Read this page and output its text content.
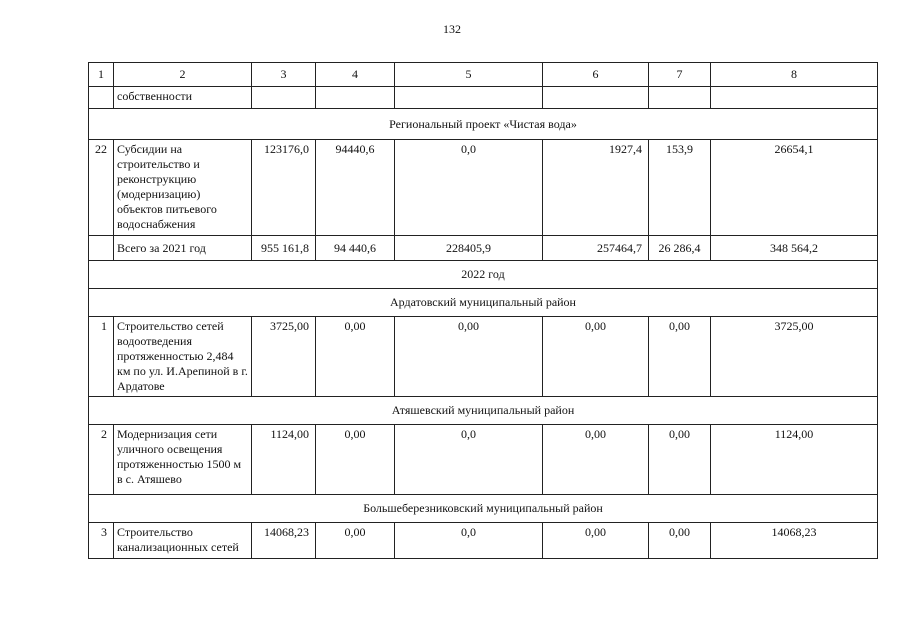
132
1	2	3	4	5	6	7	8
	собственности						
Региональный проект «Чистая вода»							
22	Субсидии на строительство и реконструкцию (модернизацию) объектов питьевого водоснабжения	123176,0	94440,6	0,0	1927,4	153,9	26654,1
	Всего за 2021 год	955 161,8	94 440,6	228405,9	257464,7	26 286,4	348 564,2
2022 год							
Ардатовский муниципальный район							
1	Строительство сетей водоотведения протяженностью 2,484 км по ул. И.Арепиной в г. Ардатове	3725,00	0,00	0,00	0,00	0,00	3725,00
Атяшевский муниципальный район							
2	Модернизация сети уличного освещения протяженностью 1500 м в с. Атяшево	1124,00	0,00	0,0	0,00	0,00	1124,00
Большеберезниковский муниципальный район							
3	Строительство канализационных сетей	14068,23	0,00	0,0	0,00	0,00	14068,23
